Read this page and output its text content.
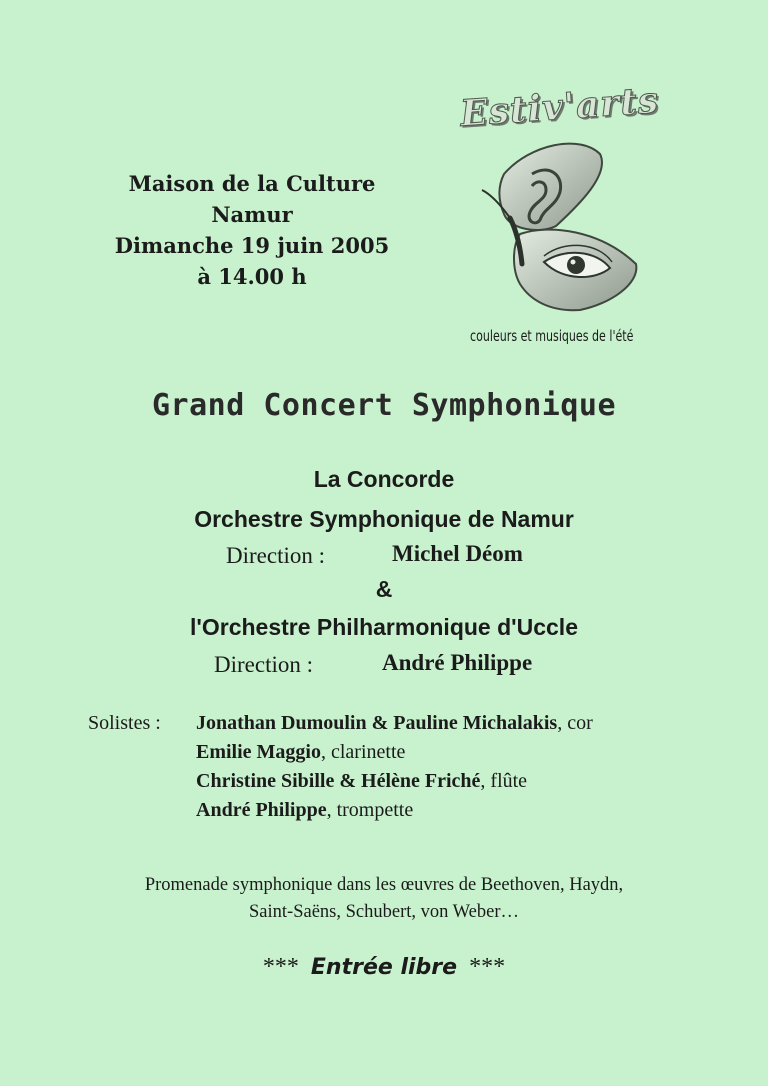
Maison de la Culture
Namur
Dimanche 19 juin 2005
à 14.00 h
Estiv'arts
couleurs et musiques de l'été
Grand Concert Symphonique
La Concorde
Orchestre Symphonique de Namur
Direction :	Michel Déom
&
l'Orchestre Philharmonique d'Uccle
Direction :	André Philippe
Solistes : Jonathan Dumoulin & Pauline Michalakis, cor
Emilie Maggio, clarinette
Christine Sibille & Hélène Friché, flûte
André Philippe, trompette
Promenade symphonique dans les œuvres de Beethoven, Haydn,
Saint-Saëns, Schubert, von Weber…
*** Entrée libre ***
